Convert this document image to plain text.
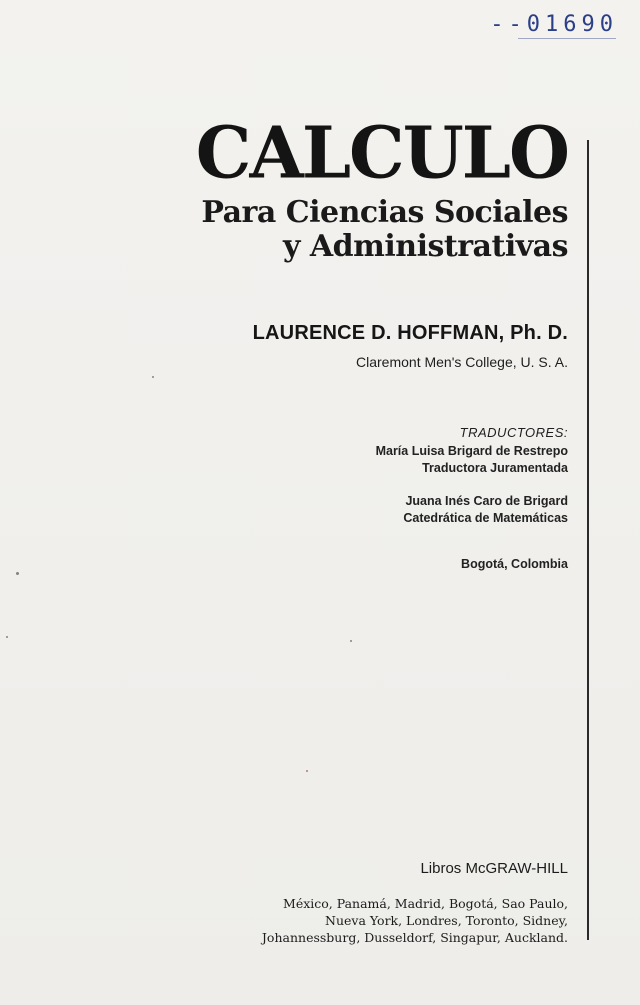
--01690
CALCULO
Para Ciencias Sociales
y Administrativas
LAURENCE D. HOFFMAN, Ph. D.
Claremont Men's College, U. S. A.
TRADUCTORES:
María Luisa Brigard de Restrepo
Traductora Juramentada
Juana Inés Caro de Brigard
Catedrática de Matemáticas
Bogotá, Colombia
Libros McGRAW-HILL
México, Panamá, Madrid, Bogotá, Sao Paulo,
Nueva York, Londres, Toronto, Sidney,
Johannessburg, Dusseldorf, Singapur, Auckland.
